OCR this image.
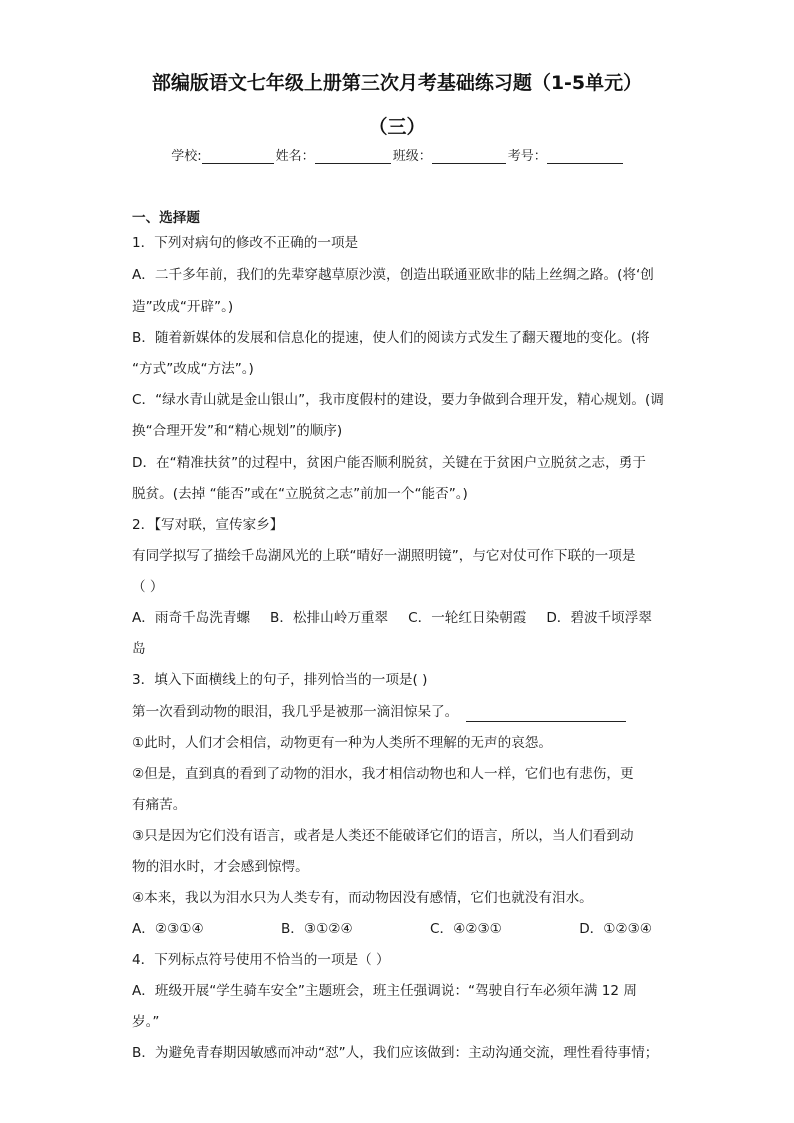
部编版语文七年级上册第三次月考基础练习题（1-5单元）
（三）
学校:	姓名：	班级：	考号：
一、选择题
1．下列对病句的修改不正确的一项是
A．二千多年前，我们的先辈穿越草原沙漠，创造出联通亚欧非的陆上丝绸之路。(将‘创
造”改成“开辟”。)
B．随着新媒体的发展和信息化的提速，使人们的阅读方式发生了翻天覆地的变化。(将
“方式”改成“方法”。)
C．“绿水青山就是金山银山”，我市度假村的建设，要力争做到合理开发，精心规划。(调
换“合理开发”和“精心规划”的顺序)
D．在“精准扶贫”的过程中，贫困户能否顺利脱贫，关键在于贫困户立脱贫之志，勇于
脱贫。(去掉 “能否”或在“立脱贫之志”前加一个“能否”。)
2．【写对联，宣传家乡】
有同学拟写了描绘千岛湖风光的上联“晴好一湖照明镜”，与它对仗可作下联的一项是
（ ）
A．雨奇千岛洗青螺 B．松排山岭万重翠 C．一轮红日染朝霞 D．碧波千顷浮翠
岛
3．填入下面横线上的句子，排列恰当的一项是( )
第一次看到动物的眼泪，我几乎是被那一滴泪惊呆了。
①此时，人们才会相信，动物更有一种为人类所不理解的无声的哀怨。
②但是，直到真的看到了动物的泪水，我才相信动物也和人一样，它们也有悲伤，更
有痛苦。
③只是因为它们没有语言，或者是人类还不能破译它们的语言，所以，当人们看到动
物的泪水时，才会感到惊愕。
④本来，我以为泪水只为人类专有，而动物因没有感情，它们也就没有泪水。
A．②③①④	B．③①②④	C．④②③①	D．①②③④
4．下列标点符号使用不恰当的一项是（ ）
A．班级开展“学生骑车安全”主题班会，班主任强调说：“驾驶自行车必须年满 12 周
岁。”
B．为避免青春期因敏感而冲动“怼”人，我们应该做到：主动沟通交流，理性看待事情；
